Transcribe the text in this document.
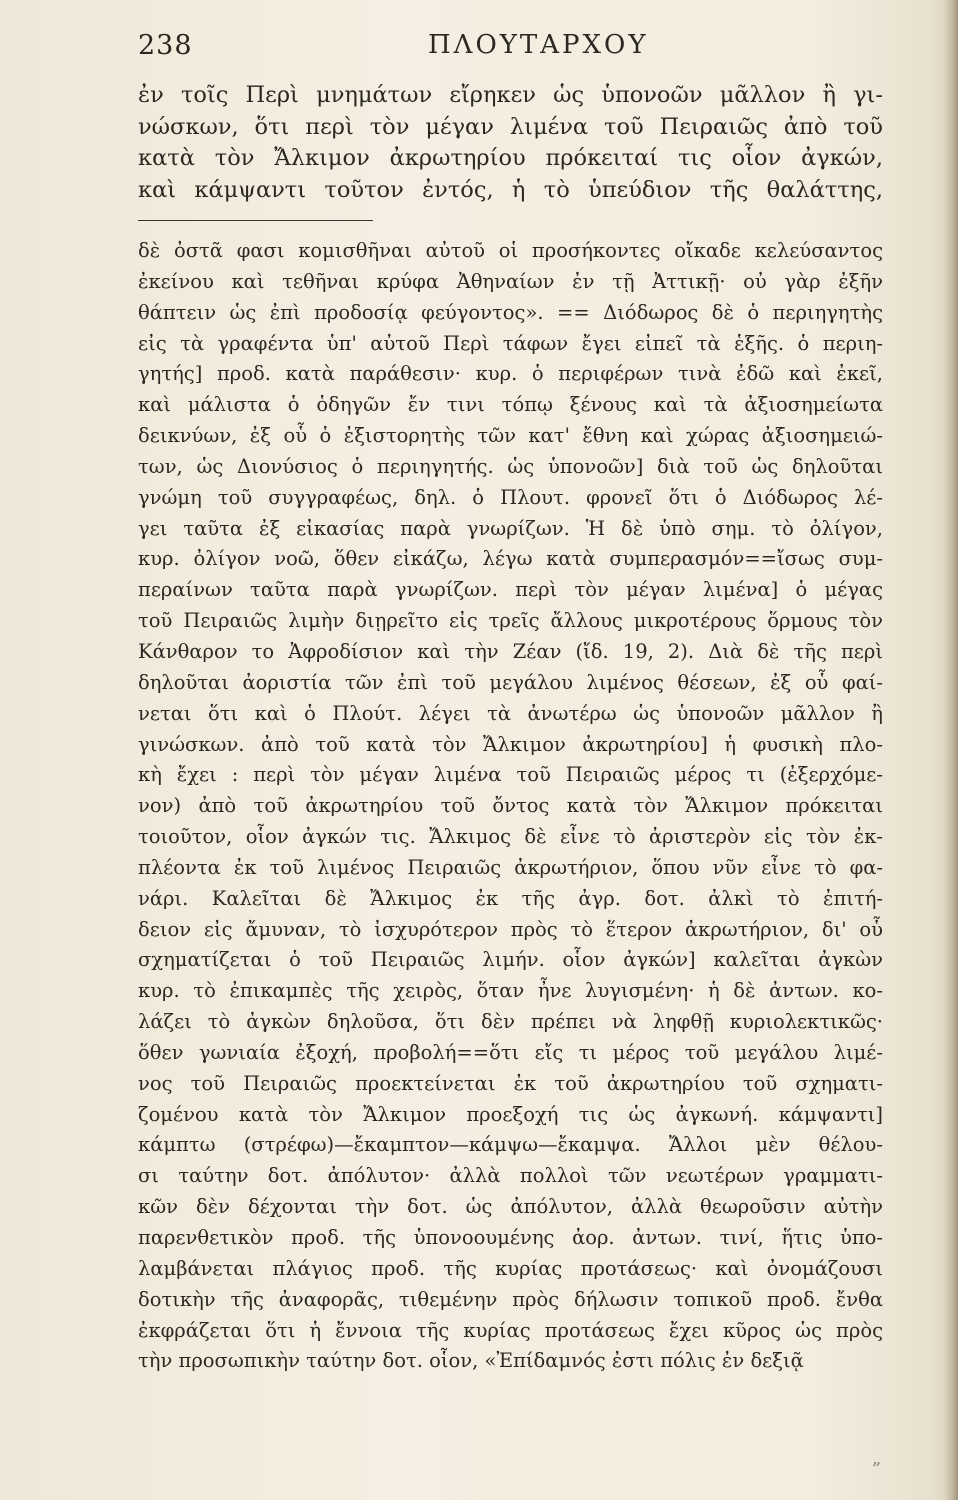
238	ΠΛΟΥΤΑΡΧΟΥ
ἐν τοῖς Περὶ μνημάτων εἴρηκεν ὡς ὑπονοῶν μᾶλλον ἢ γι-
νώσκων, ὅτι περὶ τὸν μέγαν λιμένα τοῦ Πειραιῶς ἀπὸ τοῦ
κατὰ τὸν Ἄλκιμον ἀκρωτηρίου πρόκειταί τις οἷον ἀγκών,
καὶ κάμψαντι τοῦτον ἐντός, ἡ τὸ ὑπεύδιον τῆς θαλάττης,
δὲ ὀστᾶ φασι κομισθῆναι αὐτοῦ οἱ προσήκοντες οἴκαδε κελεύσαντος
ἐκείνου καὶ τεθῆναι κρύφα Ἀθηναίων ἐν τῇ Ἀττικῇ· οὐ γὰρ ἐξῆν
θάπτειν ὡς ἐπὶ προδοσίᾳ φεύγοντος». == Διόδωρος δὲ ὁ περιηγητὴς
εἰς τὰ γραφέντα ὑπ' αὐτοῦ Περὶ τάφων ἔγει εἰπεῖ τὰ ἑξῆς. ὁ περιη-
γητής] προδ. κατὰ παράθεσιν· κυρ. ὁ περιφέρων τινὰ ἐδῶ καὶ ἐκεῖ,
καὶ μάλιστα ὁ ὁδηγῶν ἔν τινι τόπῳ ξένους καὶ τὰ ἀξιοσημείωτα
δεικνύων, ἐξ οὗ ὁ ἐξιστορητὴς τῶν κατ' ἔθνη καὶ χώρας ἀξιοσημειώ-
των, ὡς Διονύσιος ὁ περιηγητής. ὡς ὑπονοῶν] διὰ τοῦ ὡς δηλοῦται
γνώμη τοῦ συγγραφέως, δηλ. ὁ Πλουτ. φρονεῖ ὅτι ὁ Διόδωρος λέ-
γει ταῦτα ἐξ εἰκασίας παρὰ γνωρίζων. Ἡ δὲ ὑπὸ σημ. τὸ ὀλίγον,
κυρ. ὀλίγον νοῶ, ὅθεν εἰκάζω, λέγω κατὰ συμπερασμόν==ἴσως συμ-
περαίνων ταῦτα παρὰ γνωρίζων. περὶ τὸν μέγαν λιμένα] ὁ μέγας
τοῦ Πειραιῶς λιμὴν διῃρεῖτο εἰς τρεῖς ἄλλους μικροτέρους ὅρμους τὸν
Κάνθαρον το Ἀφροδίσιον καὶ τὴν Ζέαν (ἴδ. 19, 2). Διὰ δὲ τῆς περὶ
δηλοῦται ἀοριστία τῶν ἐπὶ τοῦ μεγάλου λιμένος θέσεων, ἐξ οὗ φαί-
νεται ὅτι καὶ ὁ Πλούτ. λέγει τὰ ἀνωτέρω ὡς ὑπονοῶν μᾶλλον ἢ
γινώσκων. ἀπὸ τοῦ κατὰ τὸν Ἄλκιμον ἀκρωτηρίου] ἡ φυσικὴ πλο-
κὴ ἔχει : περὶ τὸν μέγαν λιμένα τοῦ Πειραιῶς μέρος τι (ἐξερχόμε-
νον) ἀπὸ τοῦ ἀκρωτηρίου τοῦ ὄντος κατὰ τὸν Ἄλκιμον πρόκειται
τοιοῦτον, οἷον ἀγκών τις. Ἄλκιμος δὲ εἶνε τὸ ἀριστερὸν εἰς τὸν ἐκ-
πλέοντα ἐκ τοῦ λιμένος Πειραιῶς ἀκρωτήριον, ὅπου νῦν εἶνε τὸ φα-
νάρι. Καλεῖται δὲ Ἄλκιμος ἐκ τῆς ἀγρ. δοτ. ἀλκὶ τὸ ἐπιτή-
δειον εἰς ἄμυναν, τὸ ἰσχυρότερον πρὸς τὸ ἕτερον ἀκρωτήριον, δι' οὗ
σχηματίζεται ὁ τοῦ Πειραιῶς λιμήν. οἷον ἀγκών] καλεῖται ἀγκὼν
κυρ. τὸ ἐπικαμπὲς τῆς χειρὸς, ὅταν ἦνε λυγισμένη· ἡ δὲ ἀντων. κο-
λάζει τὸ ἀγκὼν δηλοῦσα, ὅτι δὲν πρέπει νὰ ληφθῇ κυριολεκτικῶς·
ὅθεν γωνιαία ἐξοχή, προβολή==ὅτι εἴς τι μέρος τοῦ μεγάλου λιμέ-
νος τοῦ Πειραιῶς προεκτείνεται ἐκ τοῦ ἀκρωτηρίου τοῦ σχηματι-
ζομένου κατὰ τὸν Ἄλκιμον προεξοχή τις ὡς ἀγκωνή. κάμψαντι]
κάμπτω (στρέφω)—ἔκαμπτον—κάμψω—ἔκαμψα. Ἄλλοι μὲν θέλου-
σι ταύτην δοτ. ἀπόλυτον· ἀλλὰ πολλοὶ τῶν νεωτέρων γραμματι-
κῶν δὲν δέχονται τὴν δοτ. ὡς ἀπόλυτον, ἀλλὰ θεωροῦσιν αὐτὴν
παρενθετικὸν προδ. τῆς ὑπονοουμένης ἀορ. ἀντων. τινί, ἥτις ὑπο-
λαμβάνεται πλάγιος προδ. τῆς κυρίας προτάσεως· καὶ ὀνομάζουσι
δοτικὴν τῆς ἀναφορᾶς, τιθεμένην πρὸς δήλωσιν τοπικοῦ προδ. ἔνθα
ἐκφράζεται ὅτι ἡ ἔννοια τῆς κυρίας προτάσεως ἔχει κῦρος ὡς πρὸς
τὴν προσωπικὴν ταύτην δοτ. οἷον, «Ἐπίδαμνός ἐστι πόλις ἐν δεξιᾷ
„
